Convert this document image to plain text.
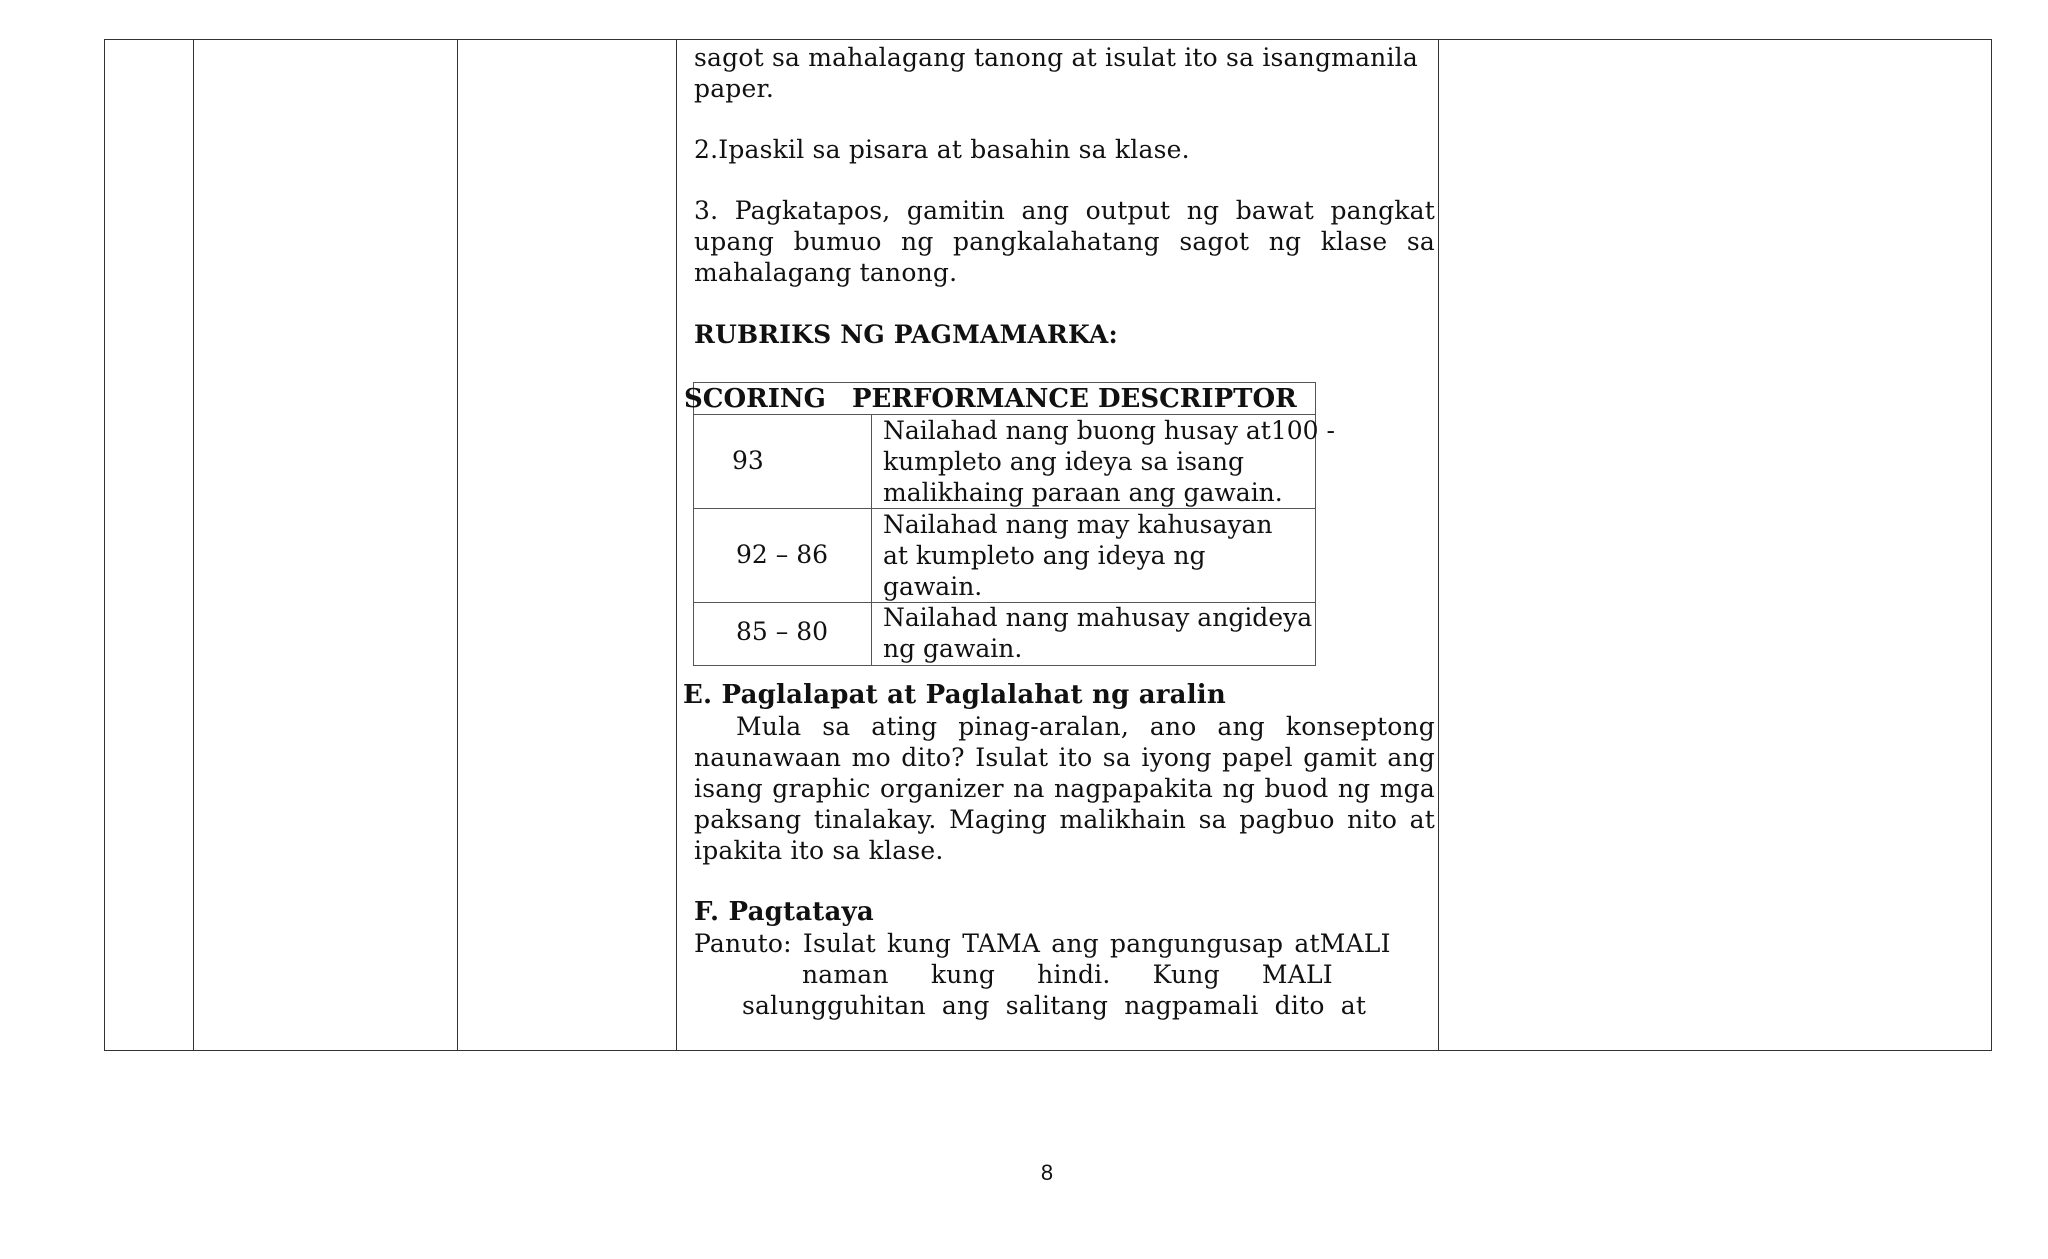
sagot sa mahalagang tanong at isulat ito sa isangmanila paper.

2.Ipaskil sa pisara at basahin sa klase.

3. Pagkatapos, gamitin ang output ng bawat pangkat upang bumuo ng pangkalahatang sagot ng klase sa mahalagang tanong.

RUBRIKS NG PAGMAMARKA:

SCORING PERFORMANCE DESCRIPTOR
93
Nailahad nang buong husay at100 -
kumpleto ang ideya sa isang
malikhaing paraan ang gawain.
92 – 86
Nailahad nang may kahusayan
at kumpleto ang ideya ng
gawain.
85 – 80	Nailahad nang mahusay angideya
ng gawain.

E. Paglalapat at Paglalahat ng aralin

Mula sa ating pinag-aralan, ano ang konseptong naunawaan mo dito? Isulat ito sa iyong papel gamit ang isang graphic organizer na nagpapakita ng buod ng mga paksang tinalakay. Maging malikhain sa pagbuo nito at ipakita ito sa klase.

F. Pagtataya

Panuto: Isulat kung TAMA ang pangungusap atMALI

naman kung hindi. Kung MALI

salungguhitan ang salitang nagpamali dito at

8
